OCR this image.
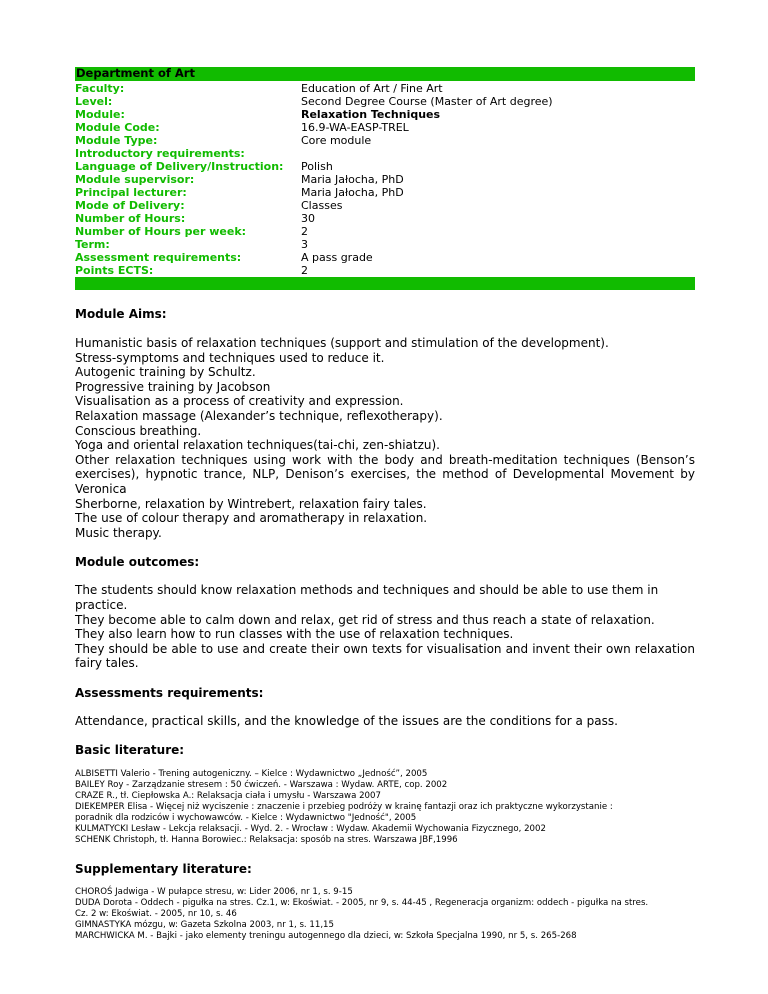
Department of Art
Faculty:	Education of Art / Fine Art
Level:	Second Degree Course (Master of Art degree)
Module:	Relaxation Techniques
Module Code:	16.9-WA-EASP-TREL
Module Type:	Core module
Introductory requirements:
Language of Delivery/Instruction:	Polish
Module supervisor:	Maria Jałocha, PhD
Principal lecturer:	Maria Jałocha, PhD
Mode of Delivery:	Classes
Number of Hours:	30
Number of Hours per week:	2
Term:	3
Assessment requirements:	A pass grade
Points ECTS:	2
Module Aims:
Humanistic basis of relaxation techniques (support and stimulation of the development).
Stress-symptoms and techniques used to reduce it.
Autogenic training by Schultz.
Progressive training by Jacobson
Visualisation as a process of creativity and expression.
Relaxation massage (Alexander’s technique, reflexotherapy).
Conscious breathing.
Yoga and oriental relaxation techniques(tai-chi, zen-shiatzu).
Other relaxation techniques using work with the body and breath-meditation techniques (Benson’s
exercises), hypnotic trance, NLP, Denison’s exercises, the method of Developmental Movement by Veronica
Sherborne, relaxation by Wintrebert, relaxation fairy tales.
The use of colour therapy and aromatherapy in relaxation.
Music therapy.
Module outcomes:
The students should know relaxation methods and techniques and should be able to use them in practice.
They become able to calm down and relax, get rid of stress and thus reach a state of relaxation.
They also learn how to run classes with the use of relaxation techniques.
They should be able to use and create their own texts for visualisation and invent their own relaxation
fairy tales.
Assessments requirements:
Attendance, practical skills, and the knowledge of the issues are the conditions for a pass.
Basic literature:
ALBISETTI Valerio - Trening autogeniczny. – Kielce : Wydawnictwo „Jedność”, 2005
BAILEY Roy - Zarządzanie stresem : 50 ćwiczeń. - Warszawa : Wydaw. ARTE, cop. 2002
CRAZE R., tł. Ciepłowska A.: Relaksacja ciała i umysłu - Warszawa 2007
DIEKEMPER Elisa - Więcej niż wyciszenie : znaczenie i przebieg podróży w krainę fantazji oraz ich praktyczne wykorzystanie :
poradnik dla rodziców i wychowawców. - Kielce : Wydawnictwo "Jedność", 2005
KULMATYCKI Lesław - Lekcja relaksacji. - Wyd. 2. - Wrocław : Wydaw. Akademii Wychowania Fizycznego, 2002
SCHENK Christoph, tł. Hanna Borowiec.: Relaksacja: sposób na stres. Warszawa JBF,1996
Supplementary literature:
CHOROŚ Jadwiga - W pułapce stresu, w: Lider 2006, nr 1, s. 9-15
DUDA Dorota - Oddech - pigułka na stres. Cz.1, w: Ekoświat. - 2005, nr 9, s. 44-45 , Regeneracja organizm: oddech - pigułka na stres.
Cz. 2 w: Ekoświat. - 2005, nr 10, s. 46
GIMNASTYKA mózgu, w: Gazeta Szkolna 2003, nr 1, s. 11,15
MARCHWICKA M. - Bajki - jako elementy treningu autogennego dla dzieci, w: Szkoła Specjalna 1990, nr 5, s. 265-268
